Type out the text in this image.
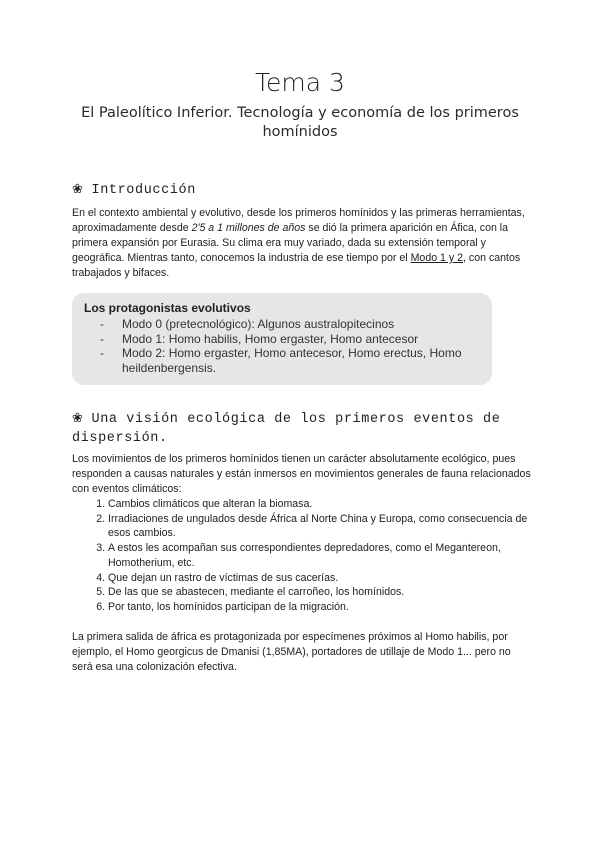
Tema 3
El Paleolítico Inferior. Tecnología y economía de los primeros homínidos
❀ Introducción
En el contexto ambiental y evolutivo, desde los primeros homínidos y las primeras herramientas, aproximadamente desde 2'5 a 1 millones de años se dió la primera aparición en Áfica, con la primera expansión por Eurasia. Su clima era muy variado, dada su extensión temporal y geográfica. Mientras tanto, conocemos la industria de ese tiempo por el Modo 1 y 2, con cantos trabajados y bifaces.
Los protagonistas evolutivos
- Modo 0 (pretecnológico): Algunos australopitecinos
- Modo 1: Homo habilis, Homo ergaster, Homo antecesor
- Modo 2: Homo ergaster, Homo antecesor, Homo erectus, Homo heildenbergensis.
❀ Una visión ecológica de los primeros eventos de dispersión.
Los movimientos de los primeros homínidos tienen un carácter absolutamente ecológico, pues responden a causas naturales y están inmersos en movimientos generales de fauna relacionados con eventos climáticos:
1. Cambios climáticos que alteran la biomasa.
2. Irradiaciones de ungulados desde África al Norte China y Europa, como consecuencia de esos cambios.
3. A estos les acompañan sus correspondientes depredadores, como el Megantereon, Homotherium, etc.
4. Que dejan un rastro de víctimas de sus cacerías.
5. De las que se abastecen, mediante el carroñeo, los homínidos.
6. Por tanto, los homínidos participan de la migración.
La primera salida de áfrica es protagonizada por especímenes próximos al Homo habilis, por ejemplo, el Homo georgicus de Dmanisi (1,85MA), portadores de utillaje de Modo 1... pero no será esa una colonización efectiva.
